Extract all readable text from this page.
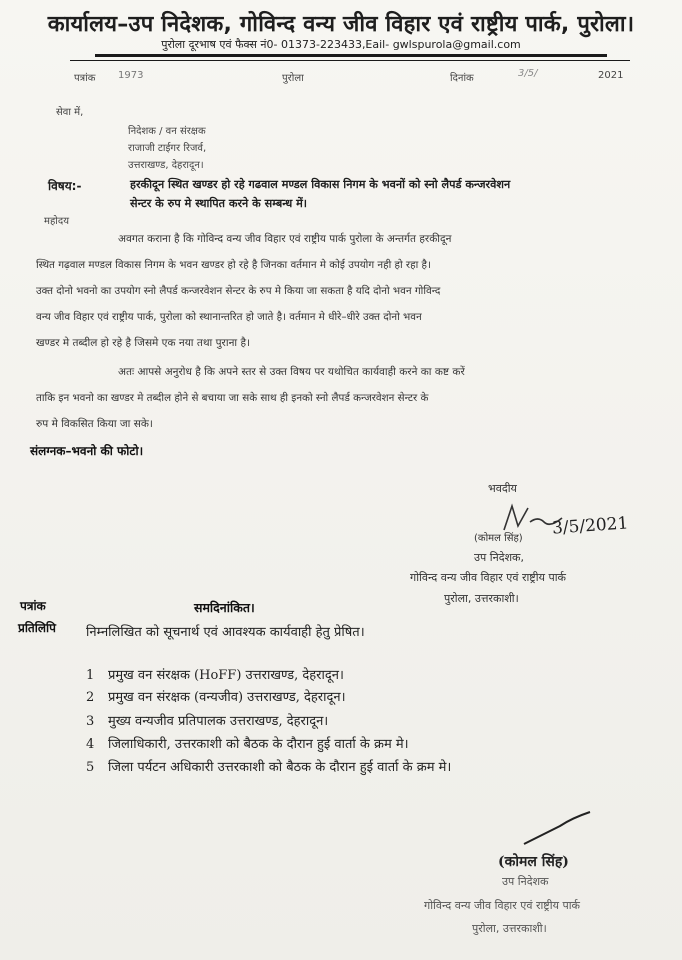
कार्यालय–उप निदेशक, गोविन्द वन्य जीव विहार एवं राष्ट्रीय पार्क, पुरोला।
पुरोला दूरभाष एवं फैक्स नं0- 01373-223433,Eail- gwlspurola@gmail.com
पत्रांक 1973	पुरोला	दिनांक	3/5/	2021
सेवा में,
निदेशक / वन संरक्षक
राजाजी टाईगर रिजर्व,
उत्तराखण्ड, देहरादून।
विषय:-	हरकीदून स्थित खण्डर हो रहे गढवाल मण्डल विकास निगम के भवनों को स्नो लैपर्ड कन्जरवेशन
सेन्टर के रुप मे स्थापित करने के सम्बन्ध में।
महोदय
अवगत कराना है कि गोविन्द वन्य जीव विहार एवं राष्ट्रीय पार्क पुरोला के अन्तर्गत हरकीदून
स्थित गढ़वाल मण्डल विकास निगम के भवन खण्डर हो रहे है जिनका वर्तमान मे कोई उपयोग नही हो रहा है।
उक्त दोनो भवनो का उपयोग स्नो लैपर्ड कन्जरवेशन सेन्टर के रुप मे किया जा सकता है यदि दोनो भवन गोविन्द
वन्य जीव विहार एवं राष्ट्रीय पार्क, पुरोला को स्थानान्तरित हो जाते है। वर्तमान मे धीरे–धीरे उक्त दोनो भवन
खण्डर मे तब्दील हो रहे है जिसमे एक नया तथा पुराना है।
अतः आपसे अनुरोध है कि अपने स्तर से उक्त विषय पर यथोचित कार्यवाही करने का कष्ट करें
ताकि इन भवनो का खण्डर मे तब्दील होने से बचाया जा सके साथ ही इनको स्नो लैपर्ड कन्जरवेशन सेन्टर के
रुप मे विकसित किया जा सके।
संलग्नक–भवनो की फोटो।
भवदीय
3/5/2021
(कोमल सिंह)
उप निदेशक,
गोविन्द वन्य जीव विहार एवं राष्ट्रीय पार्क
पुरोला, उत्तरकाशी।
पत्रांक	समदिनांकित।
प्रतिलिपि निम्नलिखित को सूचनार्थ एवं आवश्यक कार्यवाही हेतु प्रेषित।
1 प्रमुख वन संरक्षक (HoFF) उत्तराखण्ड, देहरादून।
2 प्रमुख वन संरक्षक (वन्यजीव) उत्तराखण्ड, देहरादून।
3 मुख्य वन्यजीव प्रतिपालक उत्तराखण्ड, देहरादून।
4 जिलाधिकारी, उत्तरकाशी को बैठक के दौरान हुई वार्ता के क्रम मे।
5 जिला पर्यटन अधिकारी उत्तरकाशी को बैठक के दौरान हुई वार्ता के क्रम मे।
(कोमल सिंह)
उप निदेशक
गोविन्द वन्य जीव विहार एवं राष्ट्रीय पार्क
पुरोला, उत्तरकाशी।
